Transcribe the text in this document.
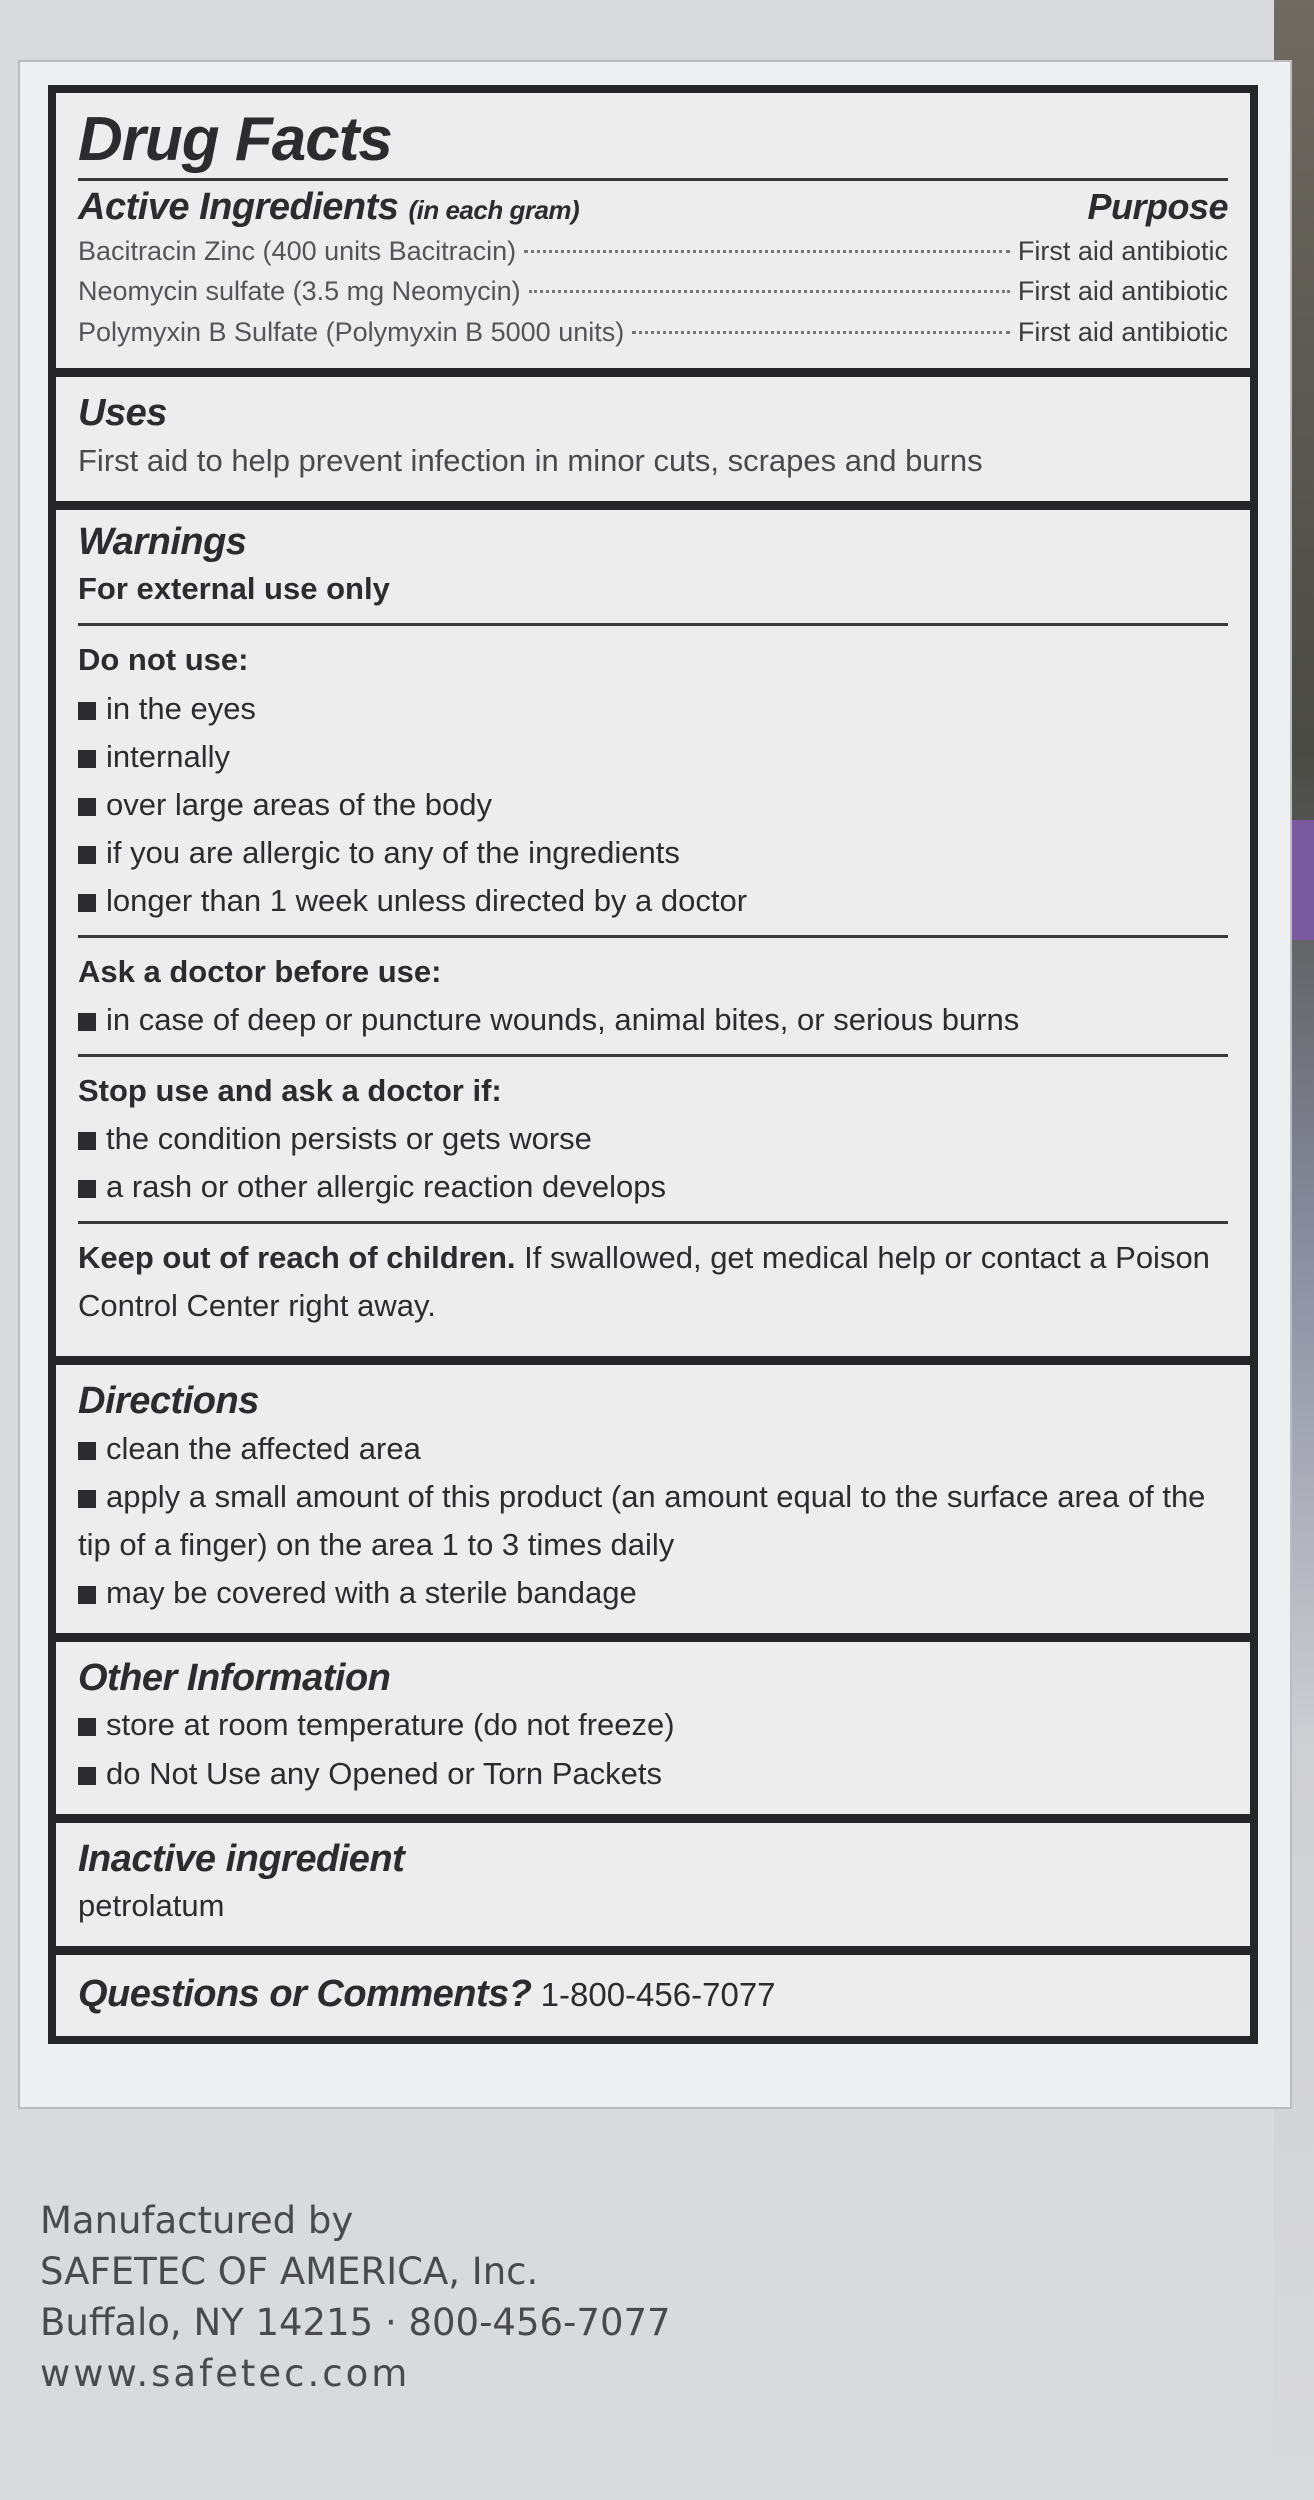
Drug Facts
Active Ingredients (in each gram)	Purpose
Bacitracin Zinc (400 units Bacitracin)	First aid antibiotic
Neomycin sulfate (3.5 mg Neomycin)	First aid antibiotic
Polymyxin B Sulfate (Polymyxin B 5000 units)	First aid antibiotic
Uses
First aid to help prevent infection in minor cuts, scrapes and burns
Warnings
For external use only
Do not use:
in the eyes
internally
over large areas of the body
if you are allergic to any of the ingredients
longer than 1 week unless directed by a doctor
Ask a doctor before use:
in case of deep or puncture wounds, animal bites, or serious burns
Stop use and ask a doctor if:
the condition persists or gets worse
a rash or other allergic reaction develops
Keep out of reach of children. If swallowed, get medical help or contact a Poison Control Center right away.
Directions
clean the affected area
apply a small amount of this product (an amount equal to the surface area of the tip of a finger) on the area 1 to 3 times daily
may be covered with a sterile bandage
Other Information
store at room temperature (do not freeze)
do Not Use any Opened or Torn Packets
Inactive ingredient
petrolatum
Questions or Comments? 1-800-456-7077
Manufactured by
SAFETEC OF AMERICA, Inc.
Buffalo, NY 14215 · 800-456-7077
www.safetec.com
